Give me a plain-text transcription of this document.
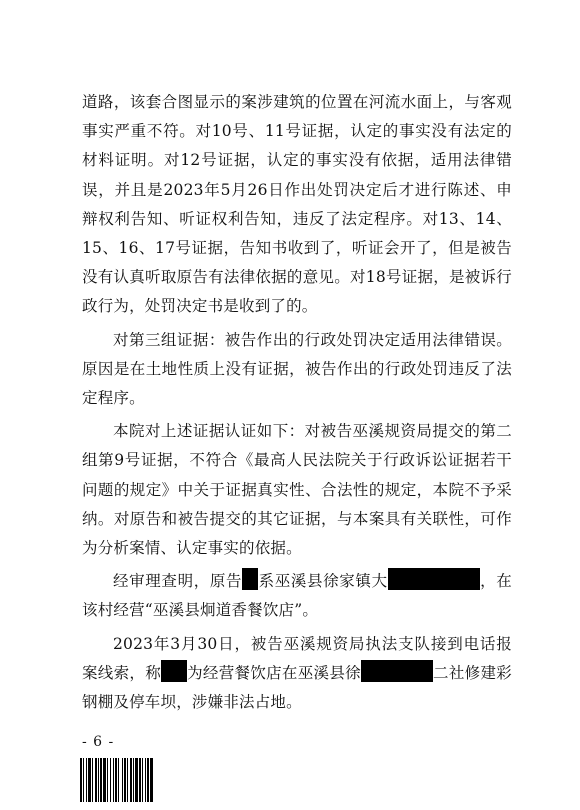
道路，该套合图显示的案涉建筑的位置在河流水面上，与客观事实严重不符。对10号、11号证据，认定的事实没有法定的材料证明。对12号证据，认定的事实没有依据，适用法律错误，并且是2023年5月26日作出处罚决定后才进行陈述、申辩权利告知、听证权利告知，违反了法定程序。对13、14、15、16、17号证据，告知书收到了，听证会开了，但是被告没有认真听取原告有法律依据的意见。对18号证据，是被诉行政行为，处罚决定书是收到了的。

对第三组证据：被告作出的行政处罚决定适用法律错误。原因是在土地性质上没有证据，被告作出的行政处罚违反了法定程序。

本院对上述证据认证如下：对被告巫溪规资局提交的第二组第9号证据，不符合《最高人民法院关于行政诉讼证据若干问题的规定》中关于证据真实性、合法性的规定，本院不予采纳。对原告和被告提交的其它证据，与本案具有关联性，可作为分析案情、认定事实的依据。

经审理查明，原告 系巫溪县徐家镇大	，在该村经营“巫溪县炯道香餐饮店”。

2023年3月30日，被告巫溪规资局执法支队接到电话报案线索，称 为经营餐饮店在巫溪县徐	二社修建彩钢棚及停车坝，涉嫌非法占地。

- 6 -
